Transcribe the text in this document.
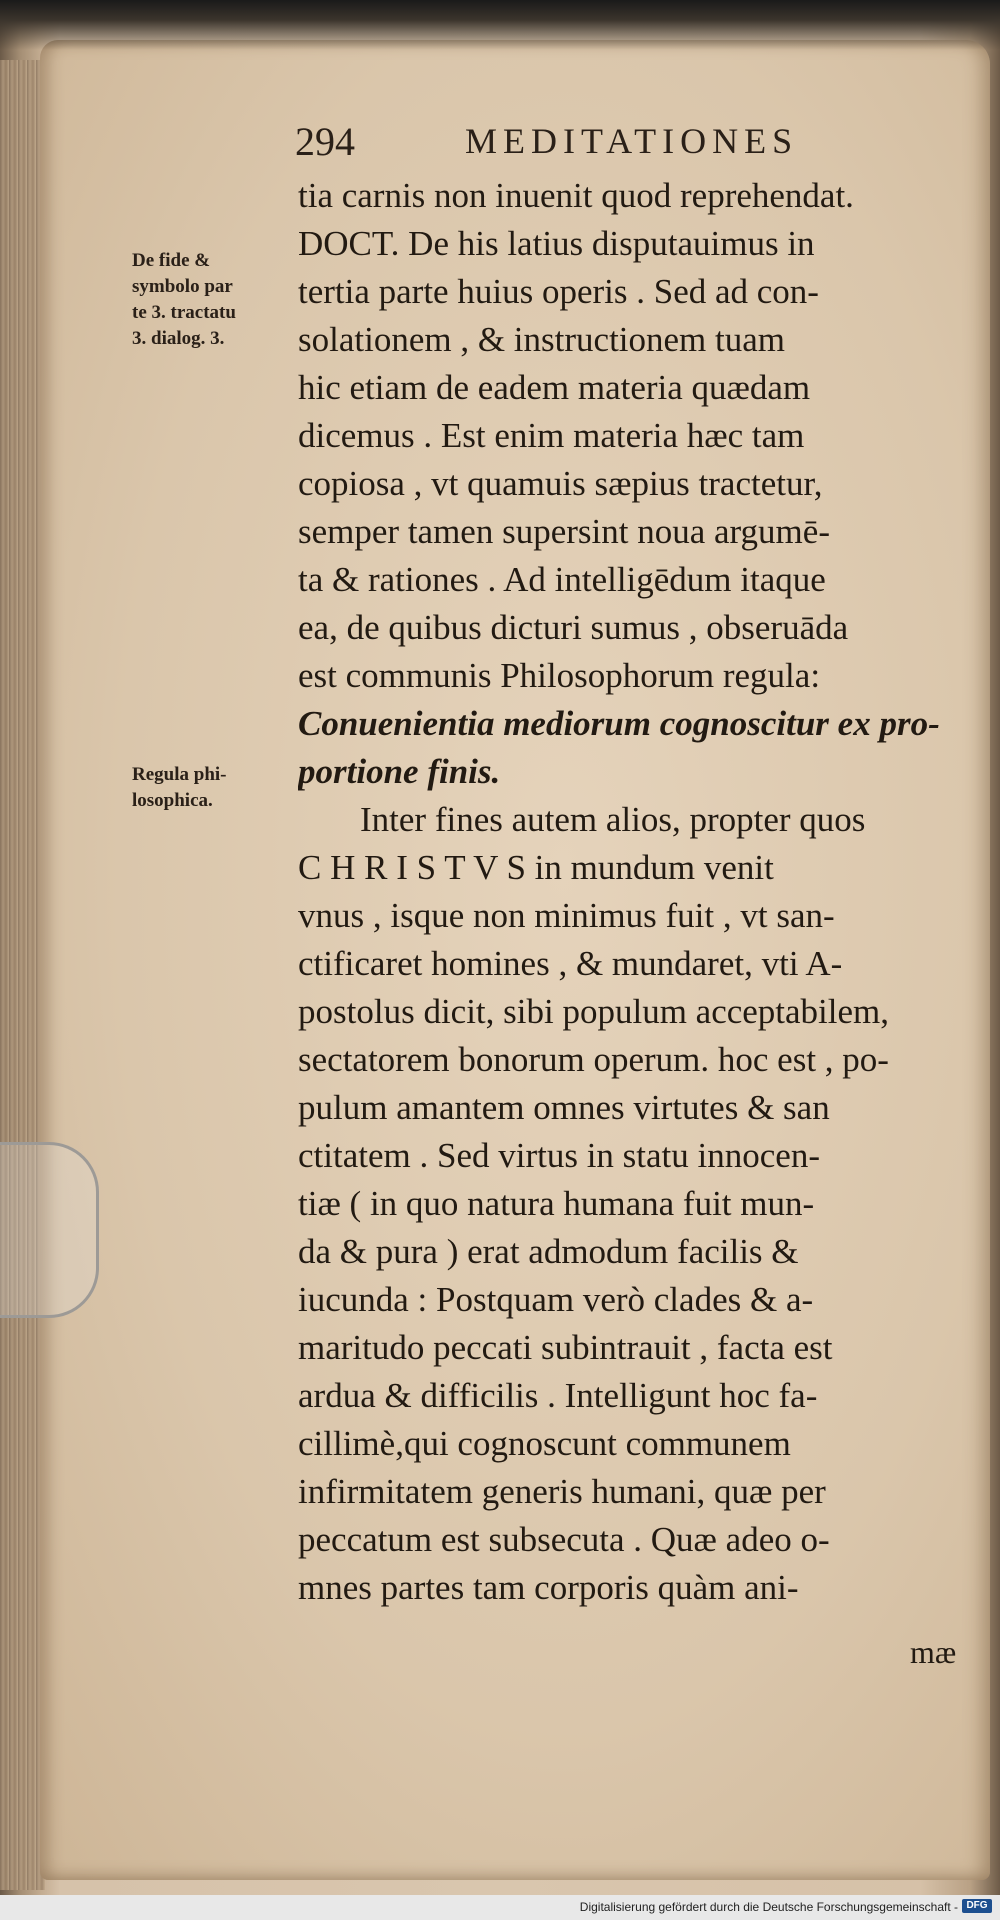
294	MEDITATIONES
De fide &
symbolo par
te 3. tractatu
3. dialog. 3.
Regula phi-
losophica.
tia carnis non inuenit quod reprehendat.
DOCT. De his latius disputauimus in
tertia parte huius operis . Sed ad con-
solationem , & instructionem tuam
hic etiam de eadem materia quædam
dicemus . Est enim materia hæc tam
copiosa , vt quamuis sæpius tractetur,
semper tamen supersint noua argumē-
ta & rationes . Ad intelligēdum itaque
ea, de quibus dicturi sumus , obseruāda
est communis Philosophorum regula:
Conuenientia mediorum cognoscitur ex pro-
portione finis.
Inter fines autem alios, propter quos
C H R I S T V S in mundum venit
vnus , isque non minimus fuit , vt san-
ctificaret homines , & mundaret, vti A-
postolus dicit, sibi populum acceptabilem,
sectatorem bonorum operum. hoc est , po-
pulum amantem omnes virtutes & san
ctitatem . Sed virtus in statu innocen-
tiæ ( in quo natura humana fuit mun-
da & pura ) erat admodum facilis &
iucunda : Postquam verò clades & a-
maritudo peccati subintrauit , facta est
ardua & difficilis . Intelligunt hoc fa-
cillimè,qui cognoscunt communem
infirmitatem generis humani, quæ per
peccatum est subsecuta . Quæ adeo o-
mnes partes tam corporis quàm ani-
mæ
Digitalisierung gefördert durch die Deutsche Forschungsgemeinschaft - DFG
